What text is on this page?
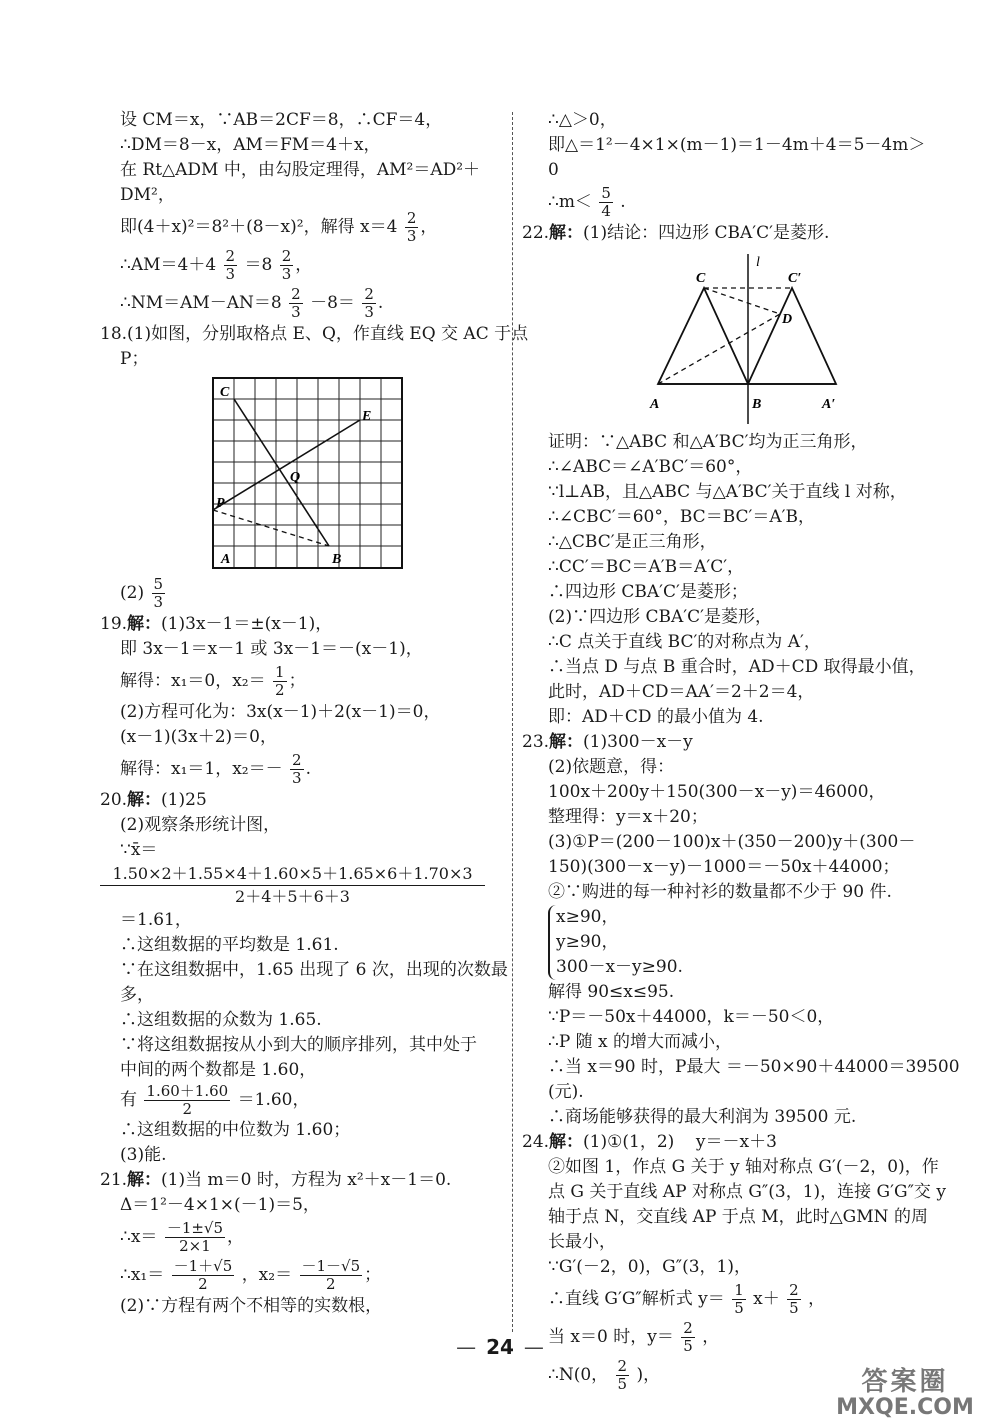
设 CM＝x，∵AB＝2CF＝8，∴CF＝4，
∴DM＝8－x，AM＝FM＝4＋x，
在 Rt△ADM 中，由勾股定理得，AM²＝AD²＋
DM²，
即(4＋x)²＝8²＋(8－x)²，解得 $x=4 \frac{2}{3}$ ，
∴AM＝4＋4 $\frac{2}{3} =8 \frac{2}{3}$ ，
∴NM＝AM－AN＝8 $\frac{2}{3} -8= \frac{2}{3}$ .
18.(1)如图，分别取格点 E、Q，作直线 EQ 交 AC 于点
P；
C
E
Q
P
A	B
$(2) \frac{5}{3}$
19.解：(1)3x－1＝±(x－1)，
即 3x－1＝x－1 或 3x－1＝－(x－1)，
解得：x₁＝0，$x_2= \frac{1}{2}$ ；
(2)方程可化为：3x(x－1)＋2(x－1)＝0，
(x－1)(3x＋2)＝0，
解得：x₁＝1，$x_2=- \frac{2}{3}$ .
20.解：(1)25
(2)观察条形统计图，
∵x̄＝
1.50×2＋1.55×4＋1.60×5＋1.65×6＋1.70×3
2＋4＋5＋6＋3
＝1.61，
∴这组数据的平均数是 1.61.
∵在这组数据中，1.65 出现了 6 次，出现的次数最
多，
∴这组数据的众数为 1.65.
∵将这组数据按从小到大的顺序排列，其中处于
中间的两个数都是 1.60，
有 $\frac{1.60+1.60}{2} =1.60$，
∴这组数据的中位数为 1.60；
(3)能.
21.解：(1)当 m＝0 时，方程为 x²＋x－1＝0.
Δ＝1²－4×1×(－1)＝5，
∴x＝ $\frac{-1\pm√5}{2\times 1}$ ，
∴x₁＝ $\frac{-1+√5}{2}$ ，$x_2= \frac{-1-√5}{2}$ ；
(2)∵方程有两个不相等的实数根，
∴△＞0，
即△＝1²－4×1×(m－1)＝1－4m＋4＝5－4m＞
0
∴m＜ $\frac{5}{4}$ .
22.解：(1)结论：四边形 CBA′C′是菱形.
l
C	C′
D
A	B	A′
证明：∵△ABC 和△A′BC′均为正三角形，
∴∠ABC＝∠A′BC′＝60°，
∵l⊥AB，且△ABC 与△A′BC′关于直线 l 对称，
∴∠CBC′＝60°，BC＝BC′＝A′B，
∴△CBC′是正三角形，
∴CC′＝BC＝A′B＝A′C′，
∴四边形 CBA′C′是菱形；
(2)∵四边形 CBA′C′是菱形，
∴C 点关于直线 BC′的对称点为 A′，
∴当点 D 与点 B 重合时，AD＋CD 取得最小值，
此时，AD＋CD＝AA′＝2＋2＝4，
即：AD＋CD 的最小值为 4.
23.解：(1)300－x－y
(2)依题意，得：
100x＋200y＋150(300－x－y)＝46000，
整理得：y＝x＋20；
(3)①P＝(200－100)x＋(350－200)y＋(300－
150)(300－x－y)－1000＝－50x＋44000；
②∵购进的每一种衬衫的数量都不少于 90 件.
x≥90，
y≥90，
300－x－y≥90.
解得 90≤x≤95.
∵P＝－50x＋44000，k＝－50＜0，
∴P 随 x 的增大而减小，
∴当 x＝90 时，P最大 ＝－50×90＋44000＝39500
(元).
∴商场能够获得的最大利润为 39500 元.
24.解：(1)①(1，2)    y＝－x＋3
②如图 1，作点 G 关于 y 轴对称点 G′(－2，0)，作
点 G 关于直线 AP 对称点 G″(3，1)，连接 G′G″交 y
轴于点 N，交直线 AP 于点 M，此时△GMN 的周
长最小，
∵G′(－2，0)，G″(3，1)，
∴直线 G′G″解析式 $y= \frac{1}{5} x+ \frac{2}{5}$ ，
当 x＝0 时，$y= \frac{2}{5}$ ，
∴N(0， $\frac{2}{5}$ )，
— 24 —
答案圈
MXQE.COM
